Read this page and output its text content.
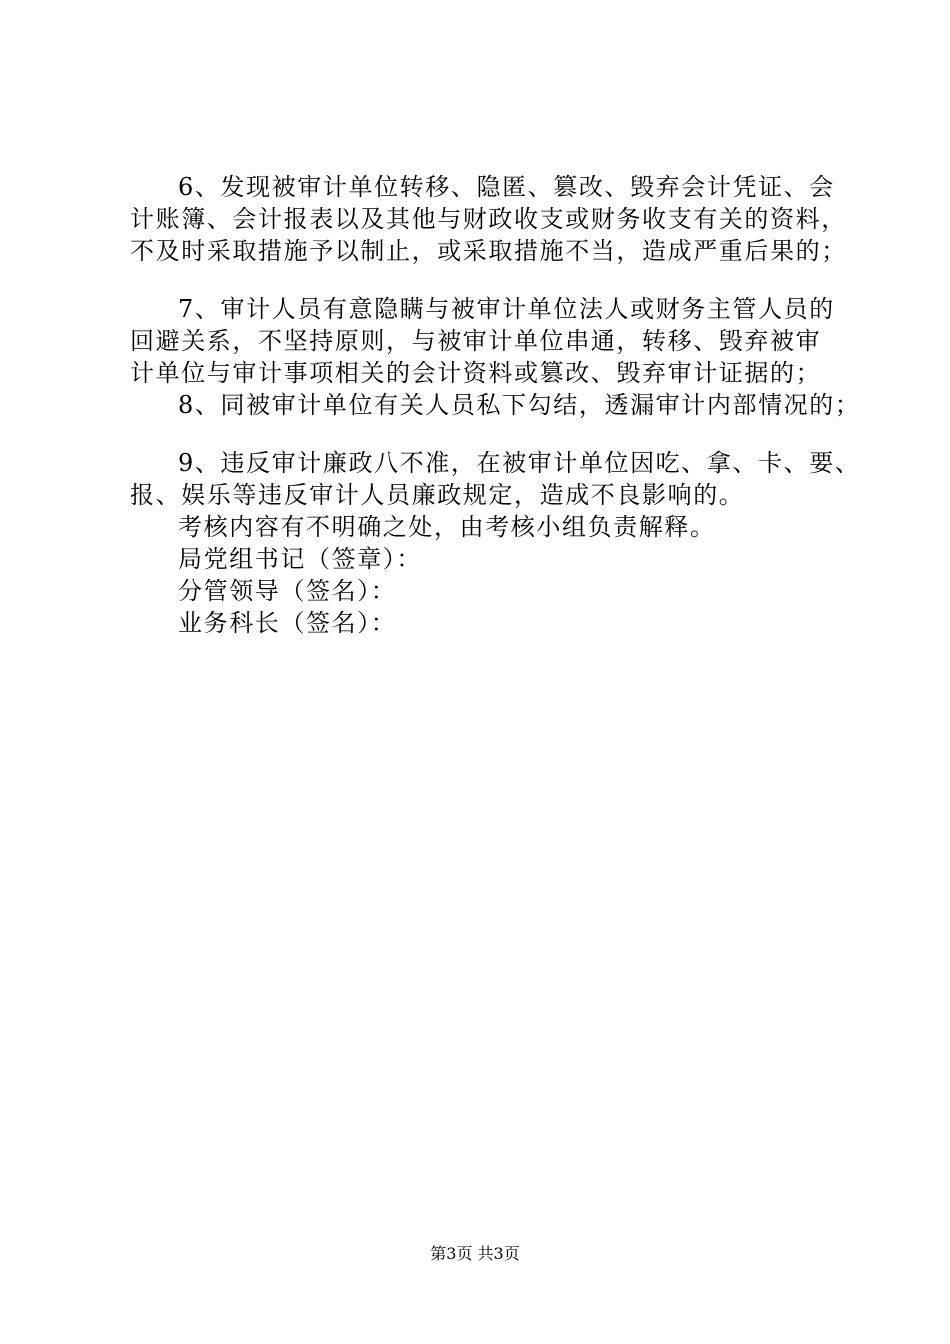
6、发现被审计单位转移、隐匿、篡改、毁弃会计凭证、会

计账簿、会计报表以及其他与财政收支或财务收支有关的资料，

不及时采取措施予以制止，或采取措施不当，造成严重后果的；

7、审计人员有意隐瞒与被审计单位法人或财务主管人员的

回避关系，不坚持原则，与被审计单位串通，转移、毁弃被审

计单位与审计事项相关的会计资料或篡改、毁弃审计证据的；

8、同被审计单位有关人员私下勾结，透漏审计内部情况的；

9、违反审计廉政八不准，在被审计单位因吃、拿、卡、要、

报、娱乐等违反审计人员廉政规定，造成不良影响的。

考核内容有不明确之处，由考核小组负责解释。

局党组书记（签章）：

分管领导（签名）：

业务科长（签名）：

第3页 共3页
